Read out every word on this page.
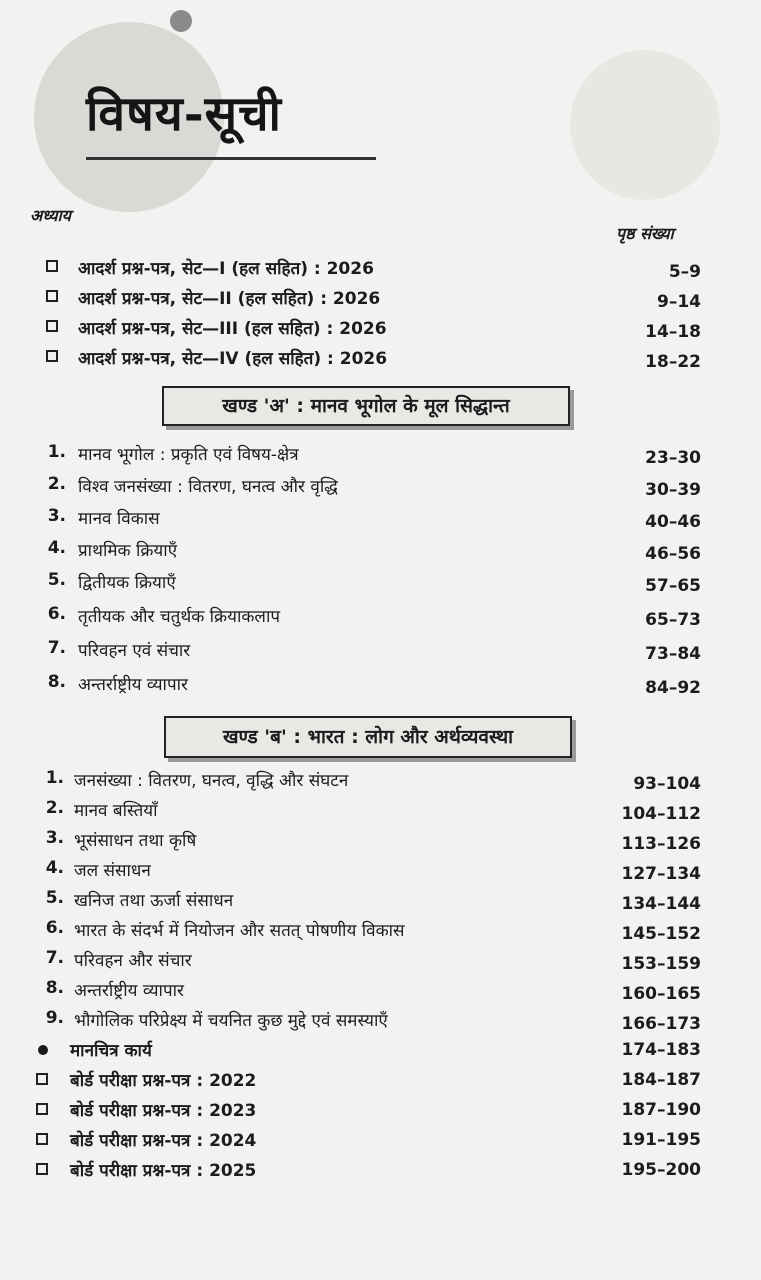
विषय-सूची
अध्याय
पृष्ठ संख्या
आदर्श प्रश्न-पत्र, सेट—I (हल सहित) : 2026	5–9
आदर्श प्रश्न-पत्र, सेट—II (हल सहित) : 2026	9–14
आदर्श प्रश्न-पत्र, सेट—III (हल सहित) : 2026	14–18
आदर्श प्रश्न-पत्र, सेट—IV (हल सहित) : 2026	18–22
खण्ड 'अ' : मानव भूगोल के मूल सिद्धान्त
1. मानव भूगोल : प्रकृति एवं विषय-क्षेत्र	23–30
2. विश्व जनसंख्या : वितरण, घनत्व और वृद्धि	30–39
3. मानव विकास	40–46
4. प्राथमिक क्रियाएँ	46–56
5. द्वितीयक क्रियाएँ	57–65
6. तृतीयक और चतुर्थक क्रियाकलाप	65–73
7. परिवहन एवं संचार	73–84
8. अन्तर्राष्ट्रीय व्यापार	84–92
खण्ड 'ब' : भारत : लोग और अर्थव्यवस्था
1. जनसंख्या : वितरण, घनत्व, वृद्धि और संघटन	93–104
2. मानव बस्तियाँ	104–112
3. भूसंसाधन तथा कृषि	113–126
4. जल संसाधन	127–134
5. खनिज तथा ऊर्जा संसाधन	134–144
6. भारत के संदर्भ में नियोजन और सतत् पोषणीय विकास	145–152
7. परिवहन और संचार	153–159
8. अन्तर्राष्ट्रीय व्यापार	160–165
9. भौगोलिक परिप्रेक्ष्य में चयनित कुछ मुद्दे एवं समस्याएँ	166–173
मानचित्र कार्य	174–183
बोर्ड परीक्षा प्रश्न-पत्र : 2022	184–187
बोर्ड परीक्षा प्रश्न-पत्र : 2023	187–190
बोर्ड परीक्षा प्रश्न-पत्र : 2024	191–195
बोर्ड परीक्षा प्रश्न-पत्र : 2025	195–200
